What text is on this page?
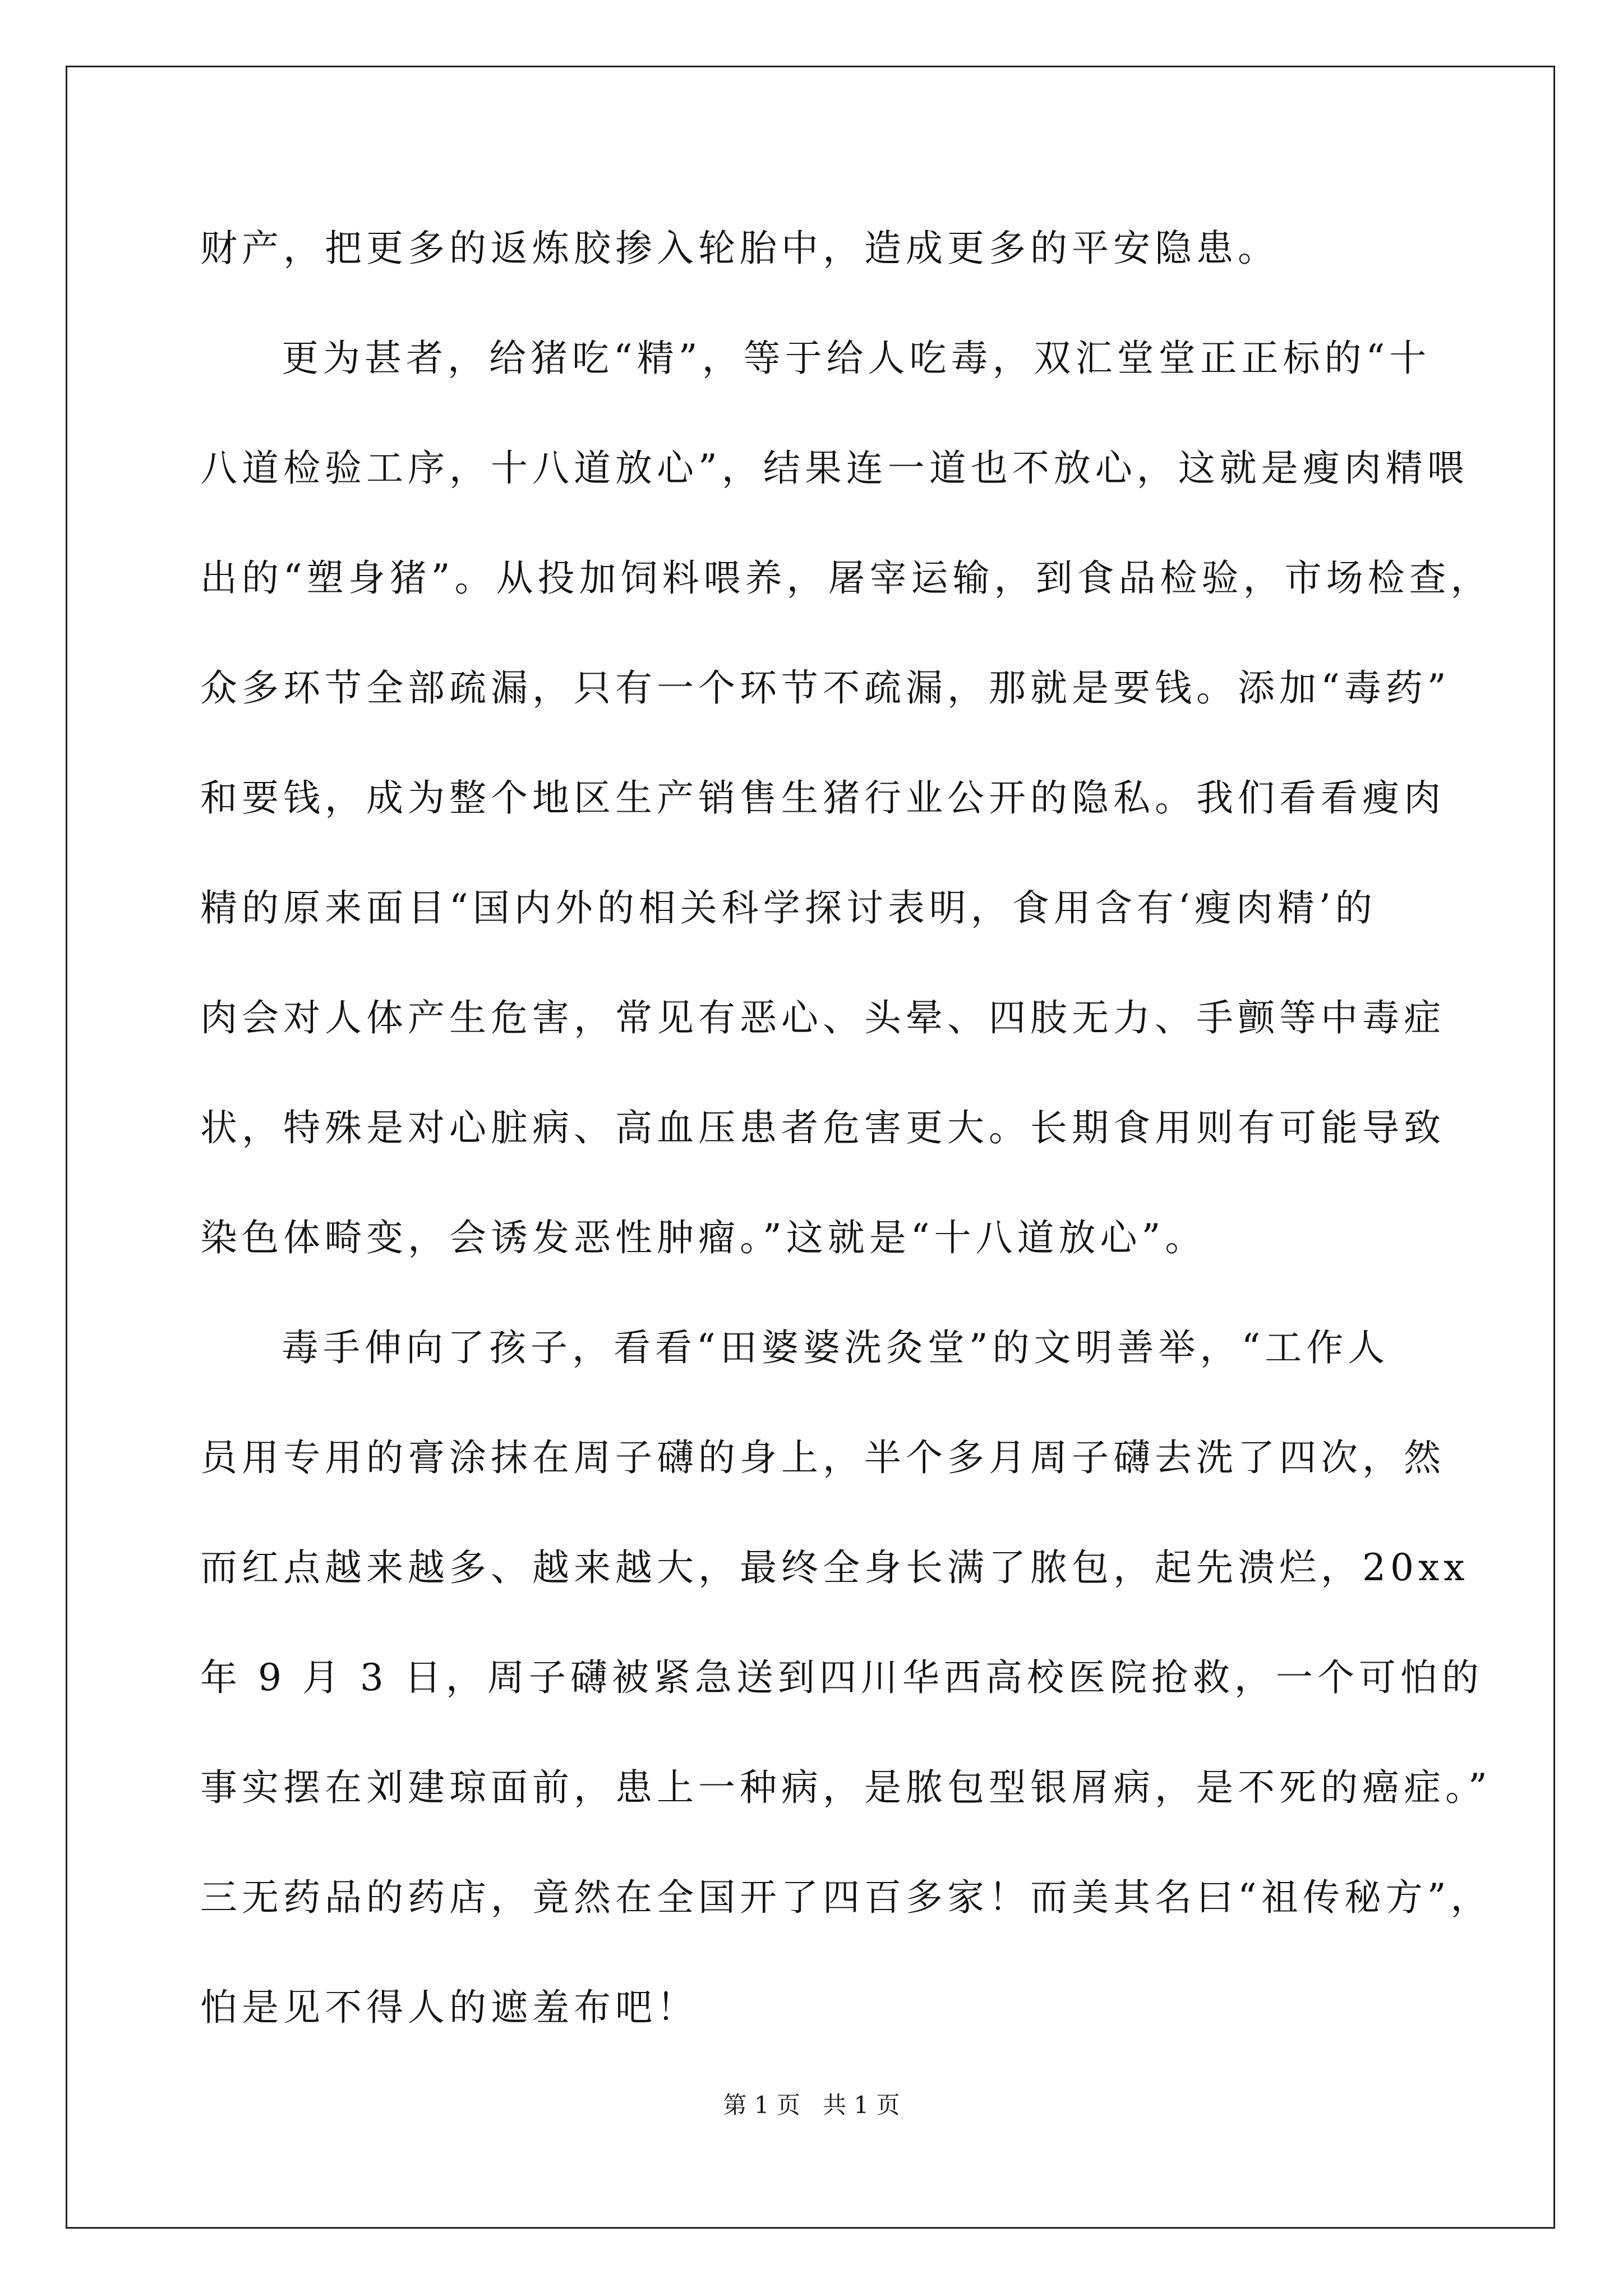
财产，把更多的返炼胶掺入轮胎中，造成更多的平安隐患。
更为甚者，给猪吃“精”，等于给人吃毒，双汇堂堂正正标的“十
八道检验工序，十八道放心”，结果连一道也不放心，这就是瘦肉精喂
出的“塑身猪”。从投加饲料喂养，屠宰运输，到食品检验，市场检查，
众多环节全部疏漏，只有一个环节不疏漏，那就是要钱。添加“毒药”
和要钱，成为整个地区生产销售生猪行业公开的隐私。我们看看瘦肉
精的原来面目“国内外的相关科学探讨表明，食用含有‘瘦肉精’的
肉会对人体产生危害，常见有恶心、头晕、四肢无力、手颤等中毒症
状，特殊是对心脏病、高血压患者危害更大。长期食用则有可能导致
染色体畸变，会诱发恶性肿瘤。”这就是“十八道放心”。
毒手伸向了孩子，看看“田婆婆洗灸堂”的文明善举，“工作人
员用专用的膏涂抹在周子礴的身上，半个多月周子礴去洗了四次，然
而红点越来越多、越来越大，最终全身长满了脓包，起先溃烂，20xx
年 9 月 3 日，周子礴被紧急送到四川华西高校医院抢救，一个可怕的
事实摆在刘建琼面前，患上一种病，是脓包型银屑病，是不死的癌症。”
三无药品的药店，竟然在全国开了四百多家！而美其名曰“祖传秘方”，
怕是见不得人的遮羞布吧！
第 1 页   共 1 页
